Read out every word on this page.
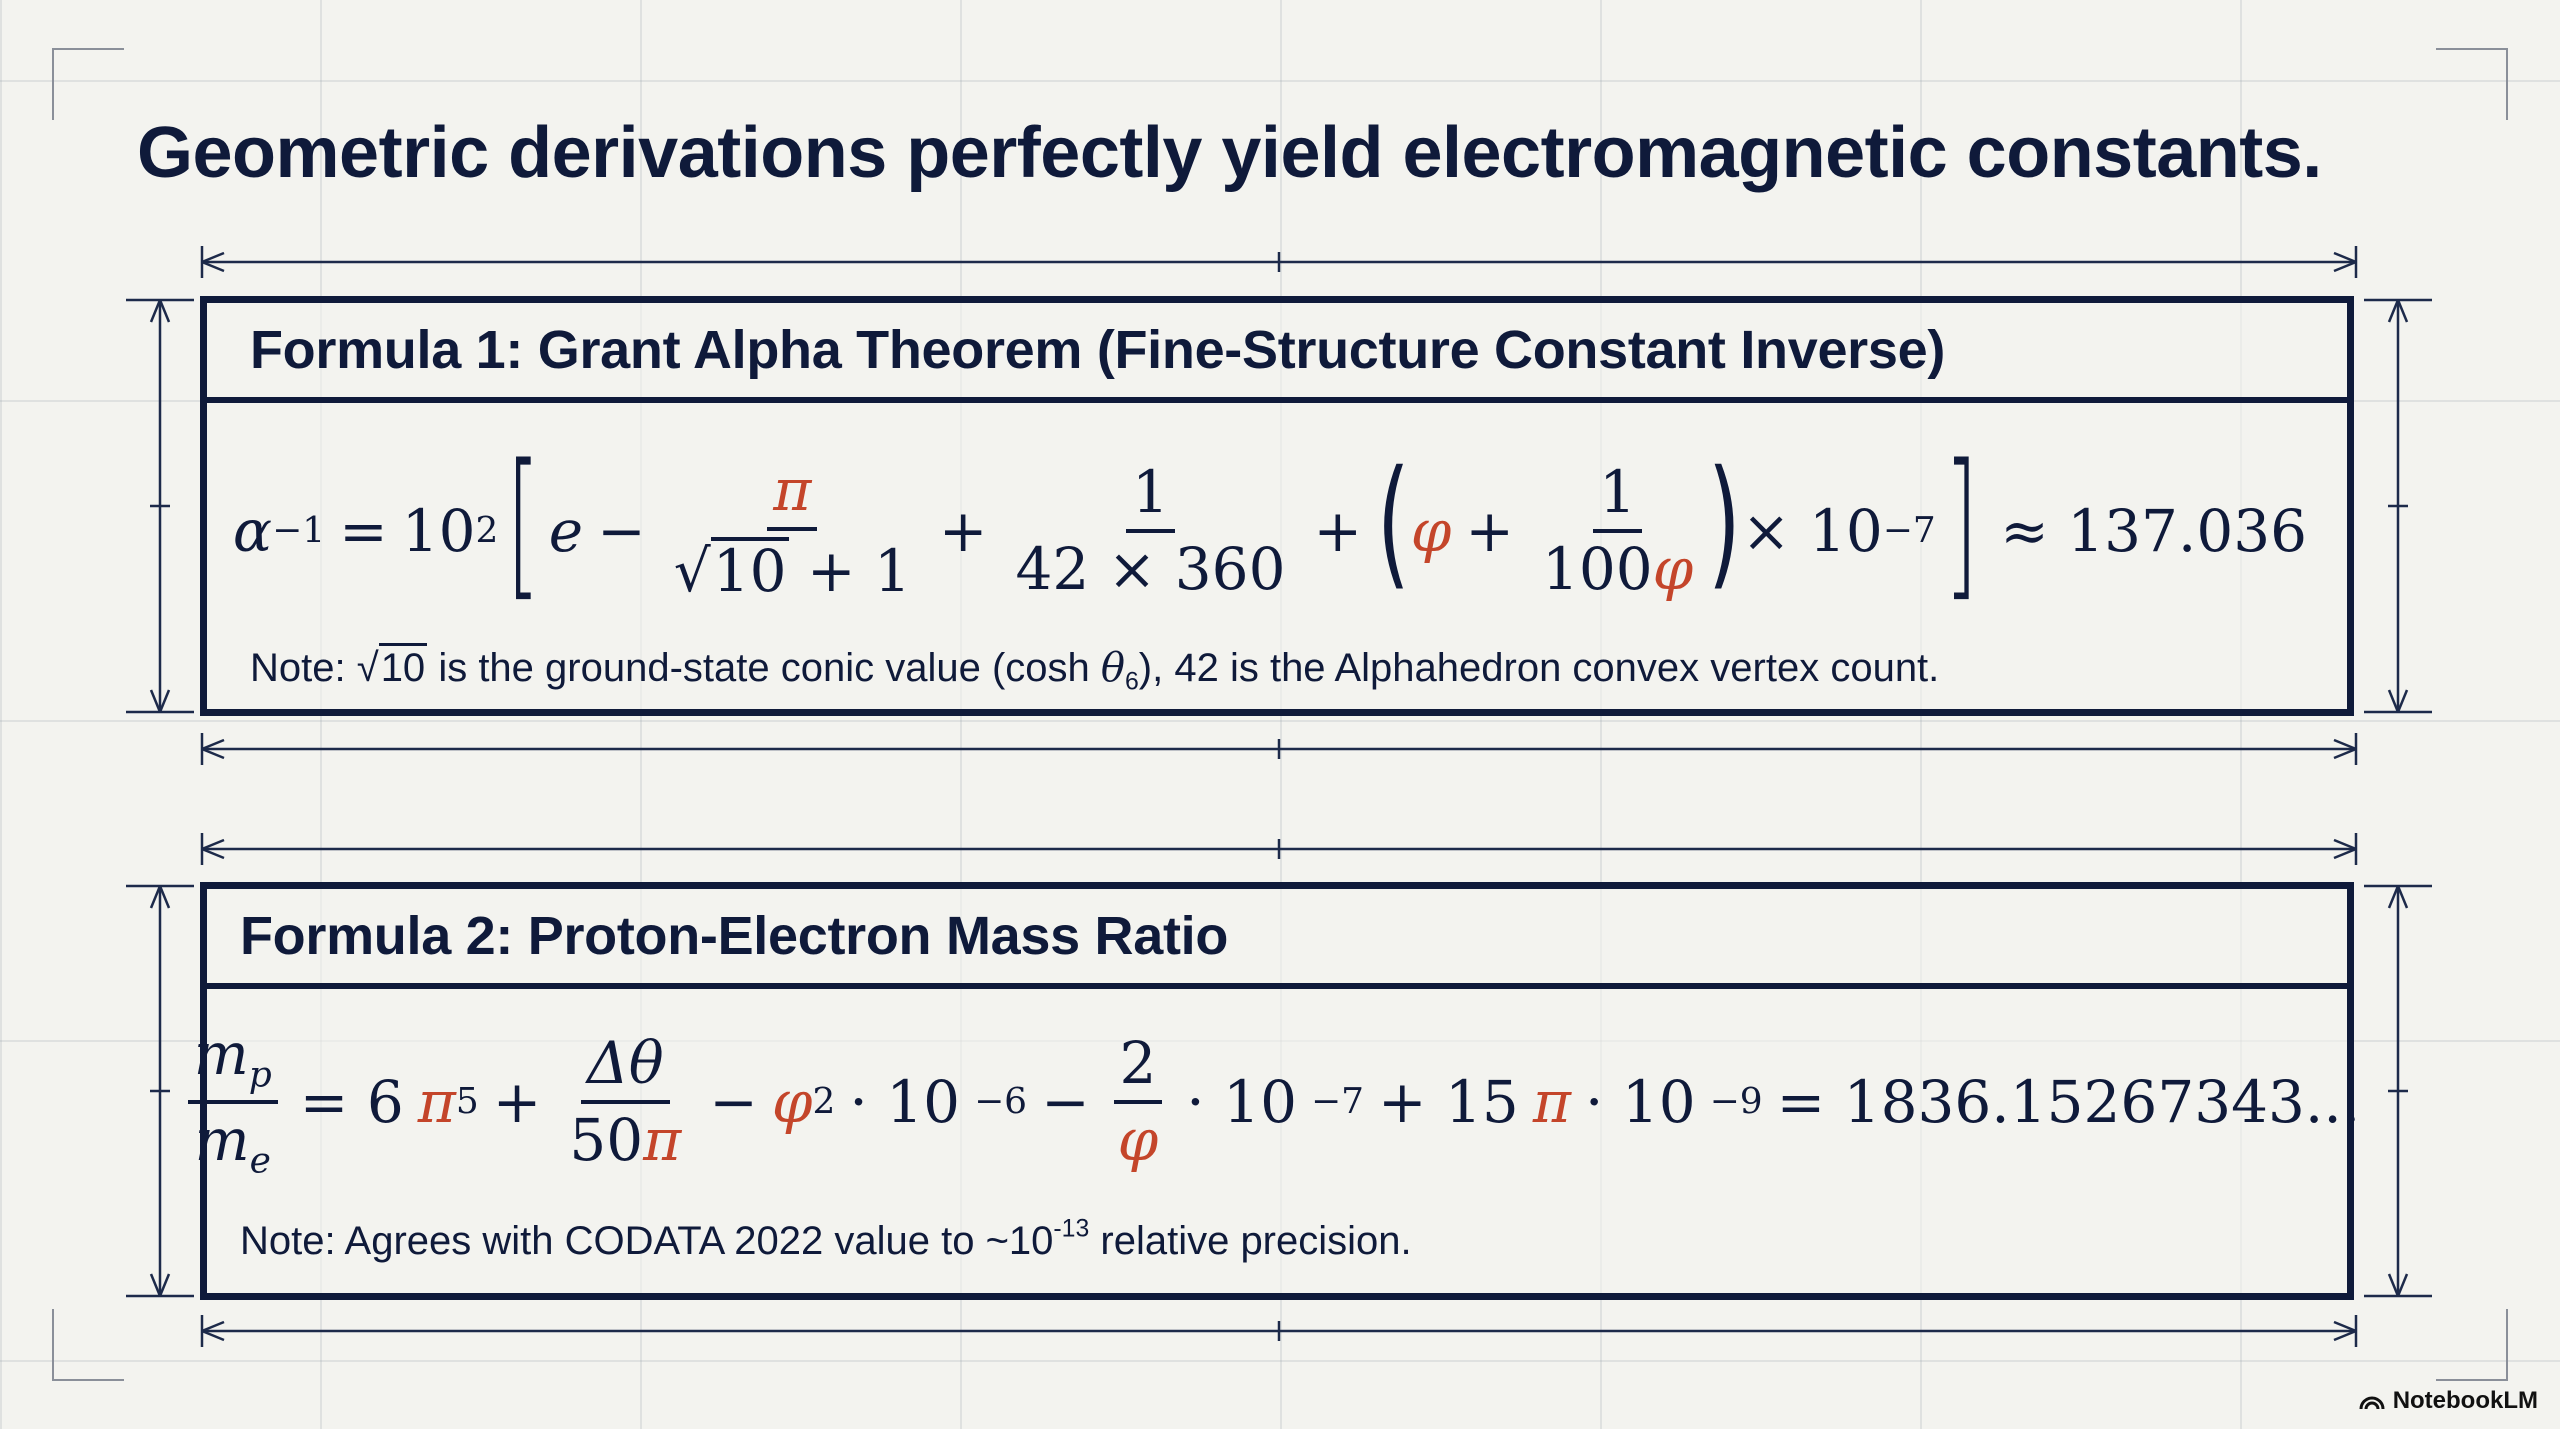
Geometric derivations perfectly yield electromagnetic constants.
Formula 1: Grant Alpha Theorem (Fine-Structure Constant Inverse)
α −1 = 10 2 [ $e - \frac{\pi}{√ 10 + 1} + \frac{1}{42 \times 360}$ + ( $\varphi + \frac{1}{100\varphi}$ ) × 10 −7 ] ≈ 137.036
Note: √ 10 is the ground-state conic value (cosh $\theta_6$), 42 is the Alphahedron convex vertex count.
Formula 2: Proton-Electron Mass Ratio
$\frac{m_p}{m_e} = 6$ π $5 + \frac{\Delta\theta}{50\pi} - \varphi$ $2 \cdot 10 -6 - \frac{2}{\varphi} \cdot 10 -7 + 15$ π · 10 −9 = 1836.15267343...
Note: Agrees with CODATA 2022 value to $\sim 10^{-13}$ relative precision.
NotebookLM
